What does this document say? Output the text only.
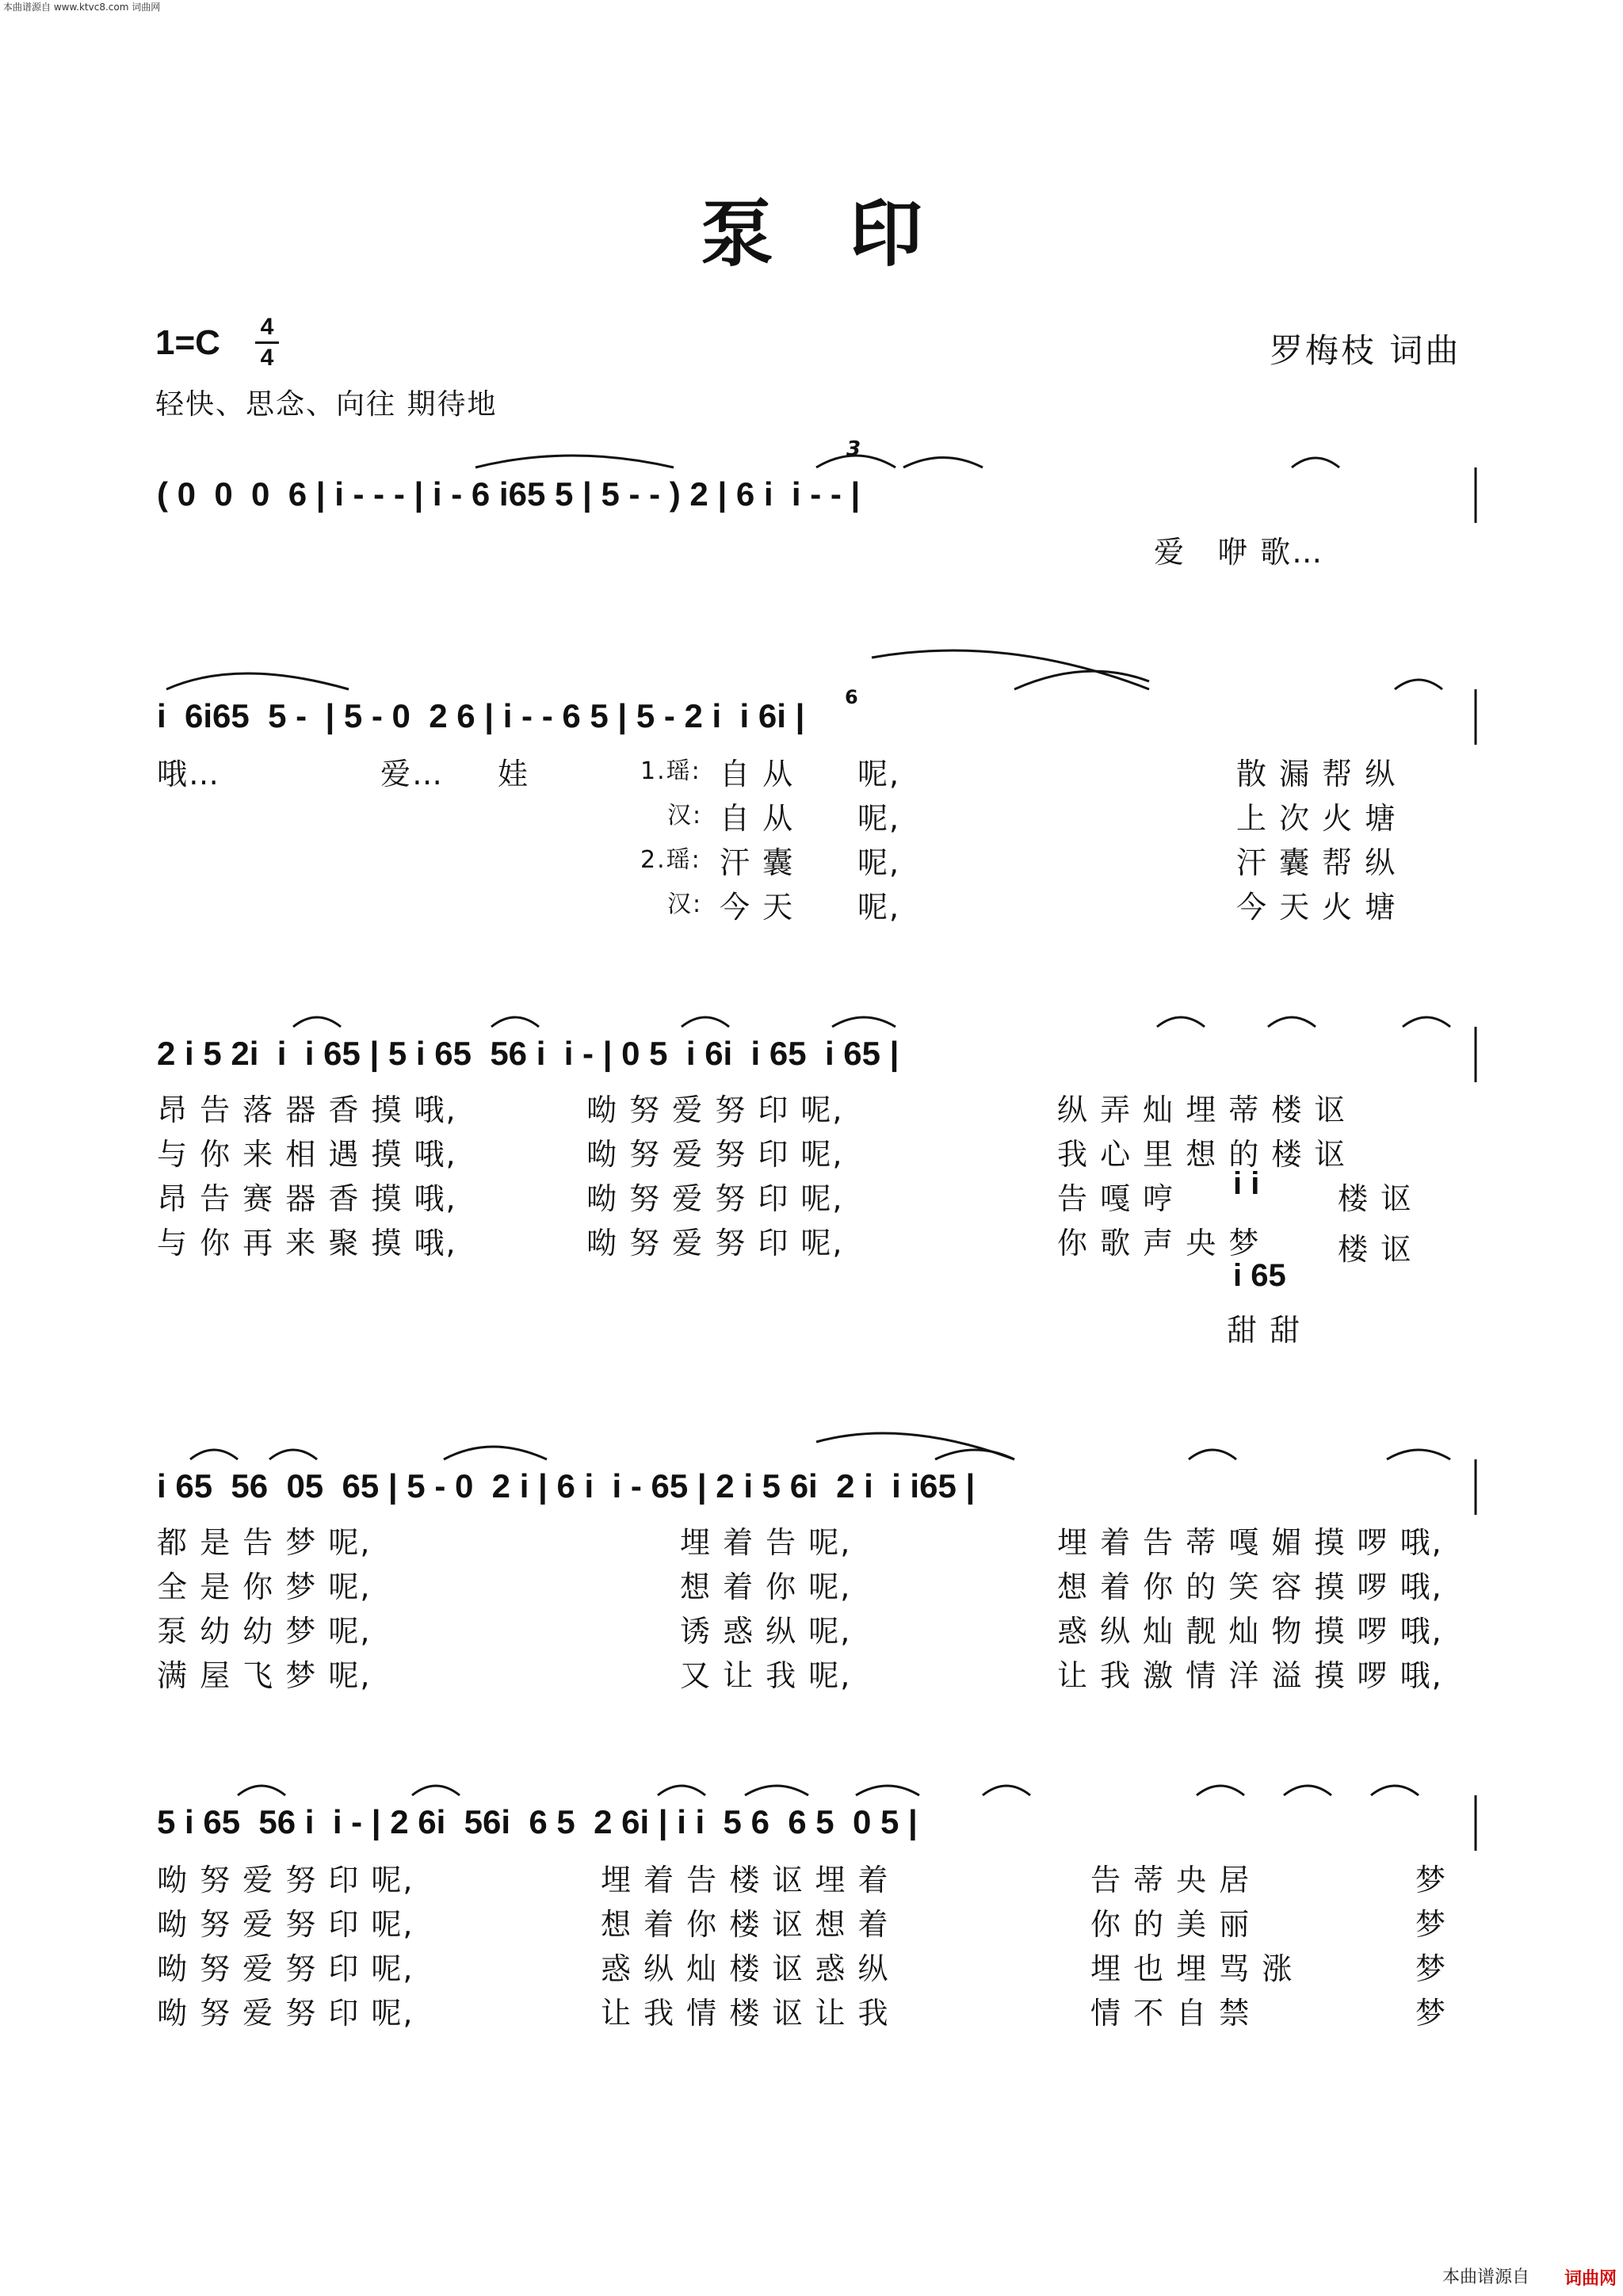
本曲谱源自 www.ktvc8.com 词曲网
泵印
1=C 4
4	罗梅枝 词曲
轻快、思念、向往 期待地
( 0  0  0  6 | i - - - | i - 6 i65 5 | 5 - - ) 2 | 6 i  i - - |
3
爱 咿 歌…
i  6i65  5 -  | 5 - 0  2 6 | i - - 6 5 | 5 - 2 i  i 6i | 6
哦…	爱… 娃	1.瑶: 自 从 呢,	散 漏 帮 纵
汉: 自 从 呢,	上 次 火 塘
2.瑶: 汗 囊 呢,	汗 囊 帮 纵
汉: 今 天 呢,	今 天 火 塘
2 i 5 2i  i  i 65 | 5 i 65  56 i  i - | 0 5  i 6i  i 65  i 65 |
昂 告 落 器 香 摸 哦,	呦 努 爱 努 印 呢,	纵 弄 灿 埋 蒂 楼 讴
与 你 来 相 遇 摸 哦,	呦 努 爱 努 印 呢,	我 心 里 想 的 楼 讴
昂 告 赛 器 香 摸 哦,	呦 努 爱 努 印 呢,	告 嘎 哼 i i	楼 讴
与 你 再 来 聚 摸 哦,	呦 努 爱 努 印 呢,	你 歌 声 央 梦	楼 讴
i 65
甜 甜
i 65  56  05  65 | 5 - 0  2 i | 6 i  i - 65 | 2 i 5 6i  2 i  i i65 |
都 是 告 梦 呢,	埋 着 告 呢,	埋 着 告 蒂 嘎 媚 摸 啰 哦,
全 是 你 梦 呢,	想 着 你 呢,	想 着 你 的 笑 容 摸 啰 哦,
泵 幼 幼 梦 呢,	诱 惑 纵 呢,	惑 纵 灿 靓 灿 物 摸 啰 哦,
满 屋 飞 梦 呢,	又 让 我 呢,	让 我 激 情 洋 溢 摸 啰 哦,
5 i 65  56 i  i - | 2 6i  56i  6 5  2 6i | i i  5 6  6 5  0 5 |
呦 努 爱 努 印 呢,	埋 着 告 楼 讴 埋 着	告 蒂 央 居	梦
呦 努 爱 努 印 呢,	想 着 你 楼 讴 想 着	你 的 美 丽	梦
呦 努 爱 努 印 呢,	惑 纵 灿 楼 讴 惑 纵	埋 也 埋 骂 涨	梦
呦 努 爱 努 印 呢,	让 我 情 楼 讴 让 我	情 不 自 禁	梦
本曲谱源自 词曲网
